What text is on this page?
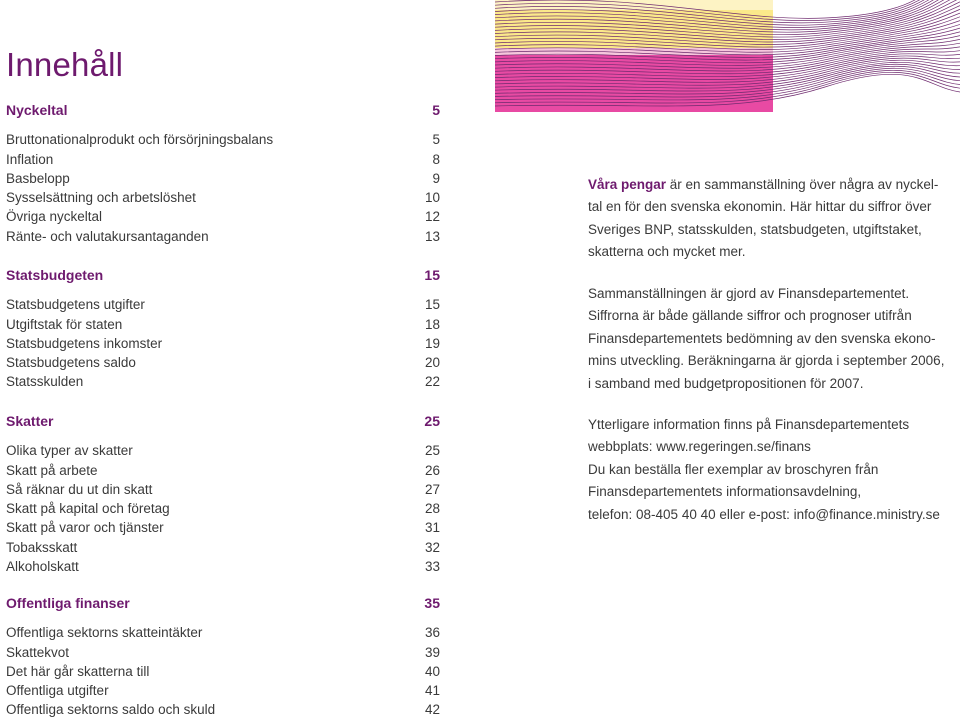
Innehåll
Nyckeltal	5
Bruttonationalprodukt och försörjningsbalans	5
Inflation	8
Basbelopp	9
Sysselsättning och arbetslöshet	10
Övriga nyckeltal	12
Ränte- och valutakursantaganden	13
Statsbudgeten	15
Statsbudgetens utgifter	15
Utgiftstak för staten	18
Statsbudgetens inkomster	19
Statsbudgetens saldo	20
Statsskulden	22
Skatter	25
Olika typer av skatter	25
Skatt på arbete	26
Så räknar du ut din skatt	27
Skatt på kapital och företag	28
Skatt på varor och tjänster	31
Tobaksskatt	32
Alkoholskatt	33
Offentliga finanser	35
Offentliga sektorns skatteintäkter	36
Skattekvot	39
Det här går skatterna till	40
Offentliga utgifter	41
Offentliga sektorns saldo och skuld	42

Våra pengar är en sammanställning över några av nyckel-

tal en för den svenska ekonomin. Här hittar du siffror över

Sveriges BNP, statsskulden, statsbudgeten, utgiftstaket,

skatterna och mycket mer.

Sammanställningen är gjord av Finansdepartementet.

Siffrorna är både gällande siffror och prognoser utifrån

Finansdepartementets bedömning av den svenska ekono-

mins utveckling. Beräkningarna är gjorda i september 2006,

i samband med budgetpropositionen för 2007.

Ytterligare information finns på Finansdepartementets

webbplats: www.regeringen.se/finans

Du kan beställa fler exemplar av broschyren från

Finansdepartementets informationsavdelning,

telefon: 08-405 40 40 eller e-post: info@finance.ministry.se
